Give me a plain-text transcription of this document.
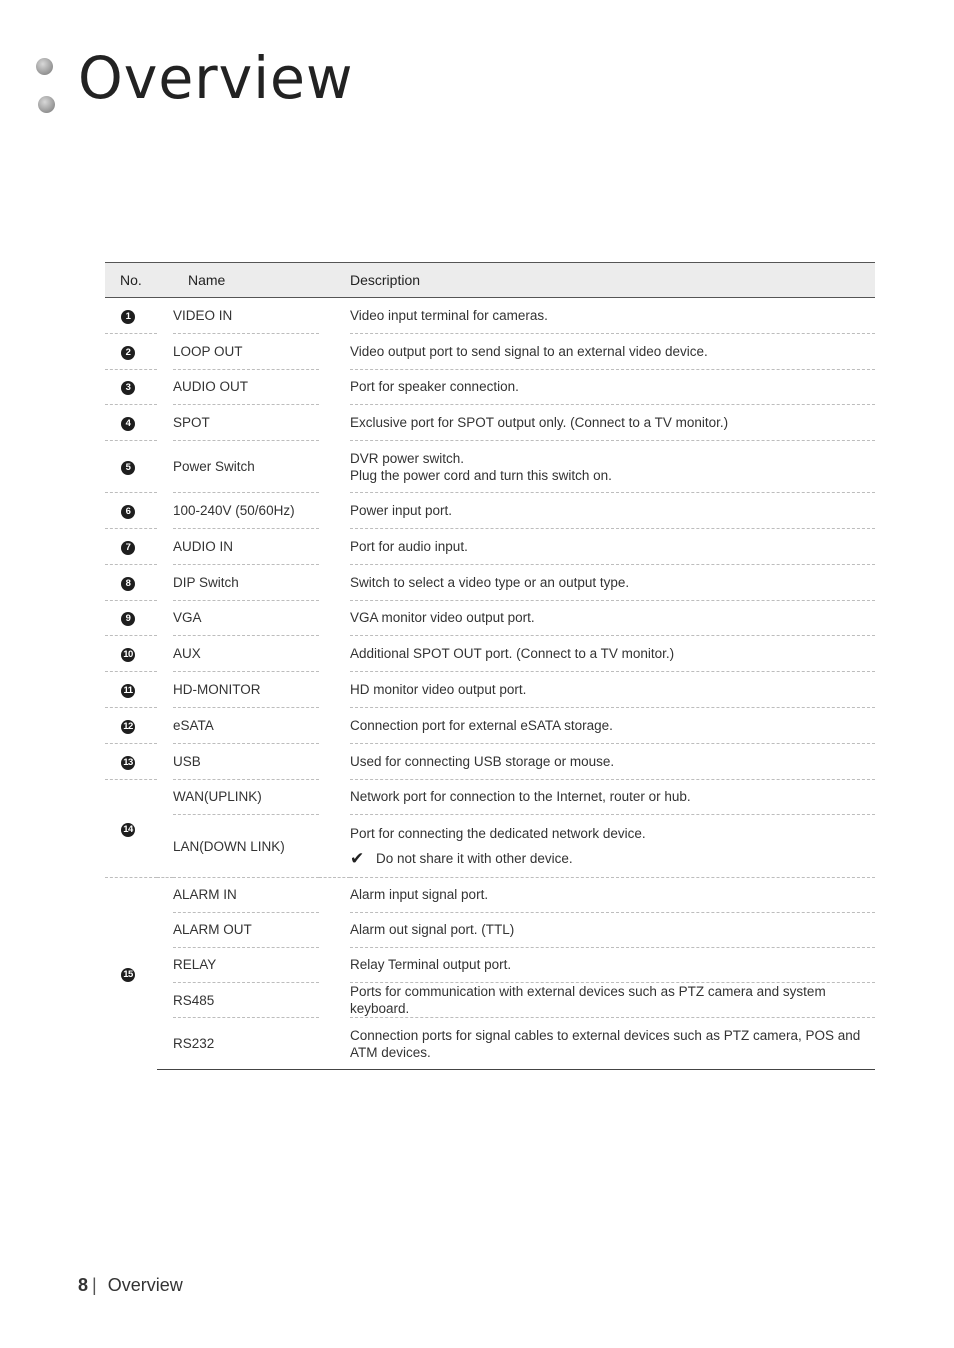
Overview
No.		Name		Description
1		VIDEO IN		Video input terminal for cameras.
2		LOOP OUT		Video output port to send signal to an external video device.
3		AUDIO OUT		Port for speaker connection.
4		SPOT		Exclusive port for SPOT output only. (Connect to a TV monitor.)
5		Power Switch		DVR power switch.
Plug the power cord and turn this switch on.
6		100-240V (50/60Hz)		Power input port.
7		AUDIO IN		Port for audio input.
8		DIP Switch		Switch to select a video type or an output type.
9		VGA		VGA monitor video output port.
10		AUX		Additional SPOT OUT port. (Connect to a TV monitor.)
11		HD-MONITOR		HD monitor video output port.
12		eSATA		Connection port for external eSATA storage.
13		USB		Used for connecting USB storage or mouse.
14		WAN(UPLINK)		Network port for connection to the Internet, router or hub.
		LAN(DOWN LINK)		Port for connecting the dedicated network device.
✔ Do not share it with other device.

15		ALARM IN		Alarm input signal port.
		ALARM OUT		Alarm out signal port. (TTL)
		RELAY		Relay Terminal output port.
		RS485		Ports for communication with external devices such as PTZ camera and system keyboard.
		RS232		Connection ports for signal cables to external devices such as PTZ camera, POS and ATM devices.
8 | Overview
